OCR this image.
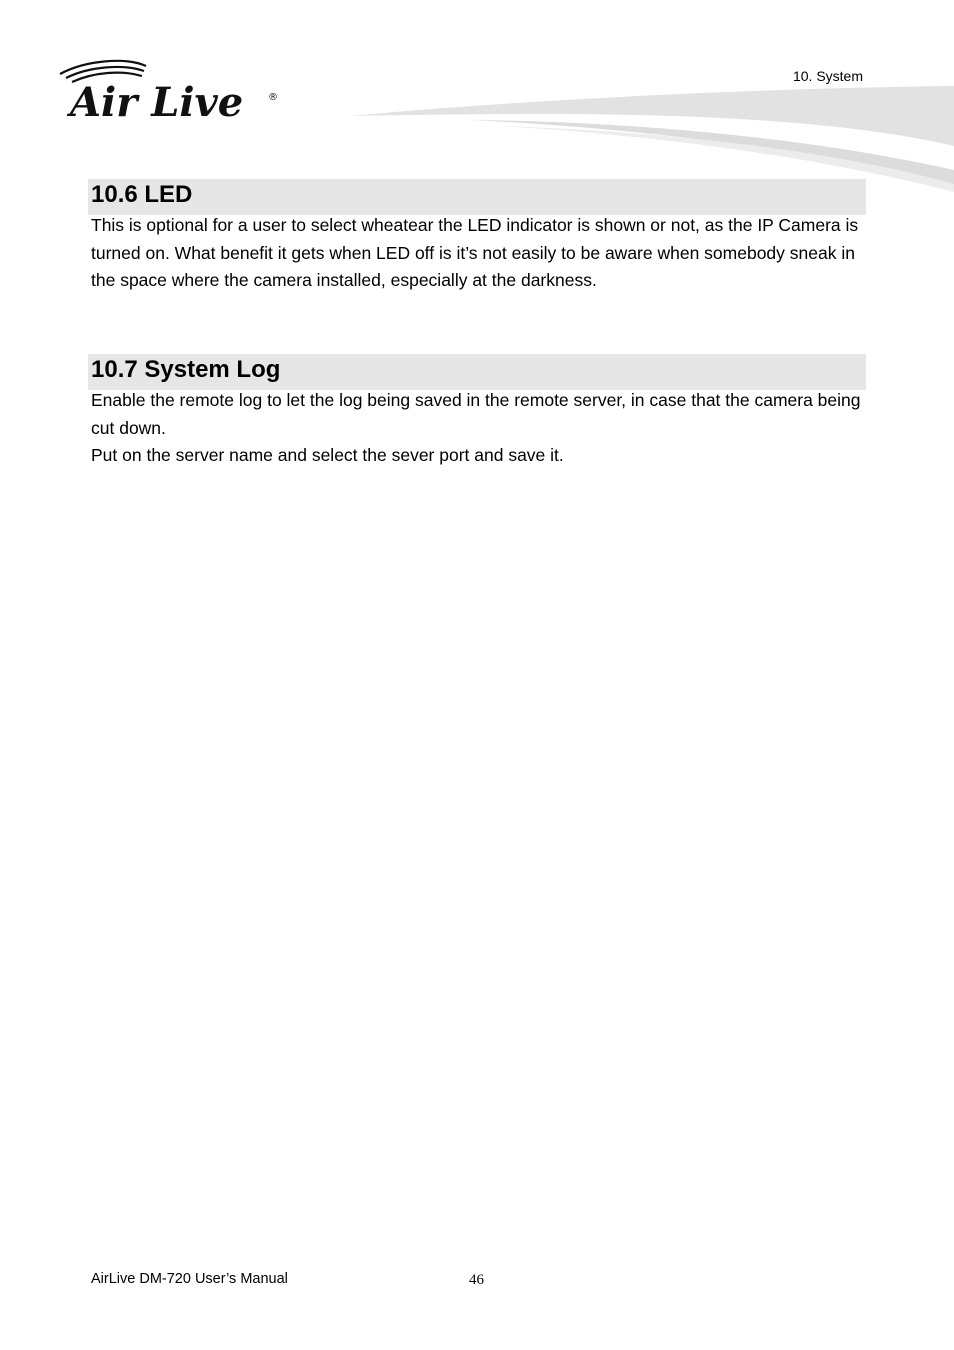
Air Live ®
10. System
10.6 LED

This is optional for a user to select wheatear the LED indicator is shown or not, as the IP Camera is turned on. What benefit it gets when LED off is it’s not easily to be aware when somebody sneak in the space where the camera installed, especially at the darkness.

10.7 System Log

Enable the remote log to let the log being saved in the remote server, in case that the camera being cut down.

Put on the server name and select the sever port and save it.

AirLive DM-720 User’s Manual	46
